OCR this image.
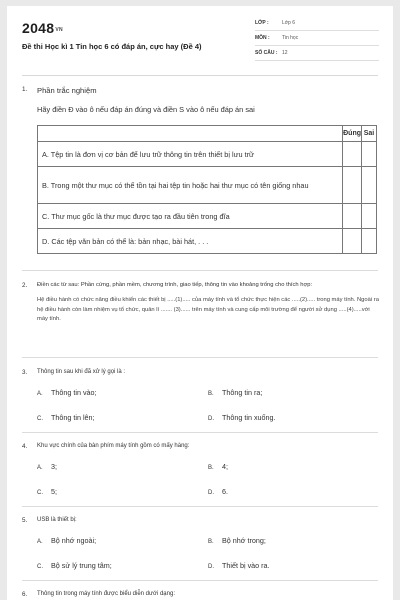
$2048^{VN}$
Đề thi Học kì 1 Tin học 6 có đáp án, cực hay (Đề 4)
LỚP :	Lớp 6
MÔN :	Tin học
SỐ CÂU : 12
1.	Phần trắc nghiệm
Hãy điền Đ vào ô nếu đáp án đúng và điền S vào ô nếu đáp án sai
	Đúng	Sai
A. Tệp tin là đơn vị cơ bản để lưu trữ thông tin trên thiết bị lưu trữ		
B. Trong một thư mục có thể tồn tại hai tệp tin hoặc hai thư mục có tên giống nhau		
C. Thư mục gốc là thư mục được tạo ra đầu tiên trong đĩa		
D. Các tệp văn bản có thể là: bản nhạc, bài hát, . . .		
2.	Điền các từ sau: Phần cứng, phần mềm, chương trình, giao tiếp, thông tin vào khoảng trống cho thích hợp:
Hệ điều hành có chức năng điều khiển các thiết bị .....(1)..... của máy tính và tổ chức thực hiện các .....(2)..... trong máy tính. Ngoài ra hệ điều hành còn làm nhiệm vụ tổ chức, quản lí ....... (3)...... trên máy tính và cung cấp môi trường để người sử dụng .....(4).....với máy tính.
3.	Thông tin sau khi đã xử lý gọi là :
A. Thông tin vào;	B. Thông tin ra;
C. Thông tin lên;	D. Thông tin xuống.
4.	Khu vực chính của bàn phím máy tính gồm có mấy hàng:
A. 3;	B. 4;
C. 5;	D. 6.
5.	USB là thiết bị:
A. Bộ nhớ ngoài;	B. Bộ nhớ trong;
C. Bộ sử lý trung tâm;	D. Thiết bị vào ra.
6.	Thông tin trong máy tính được biểu diễn dưới dạng:
